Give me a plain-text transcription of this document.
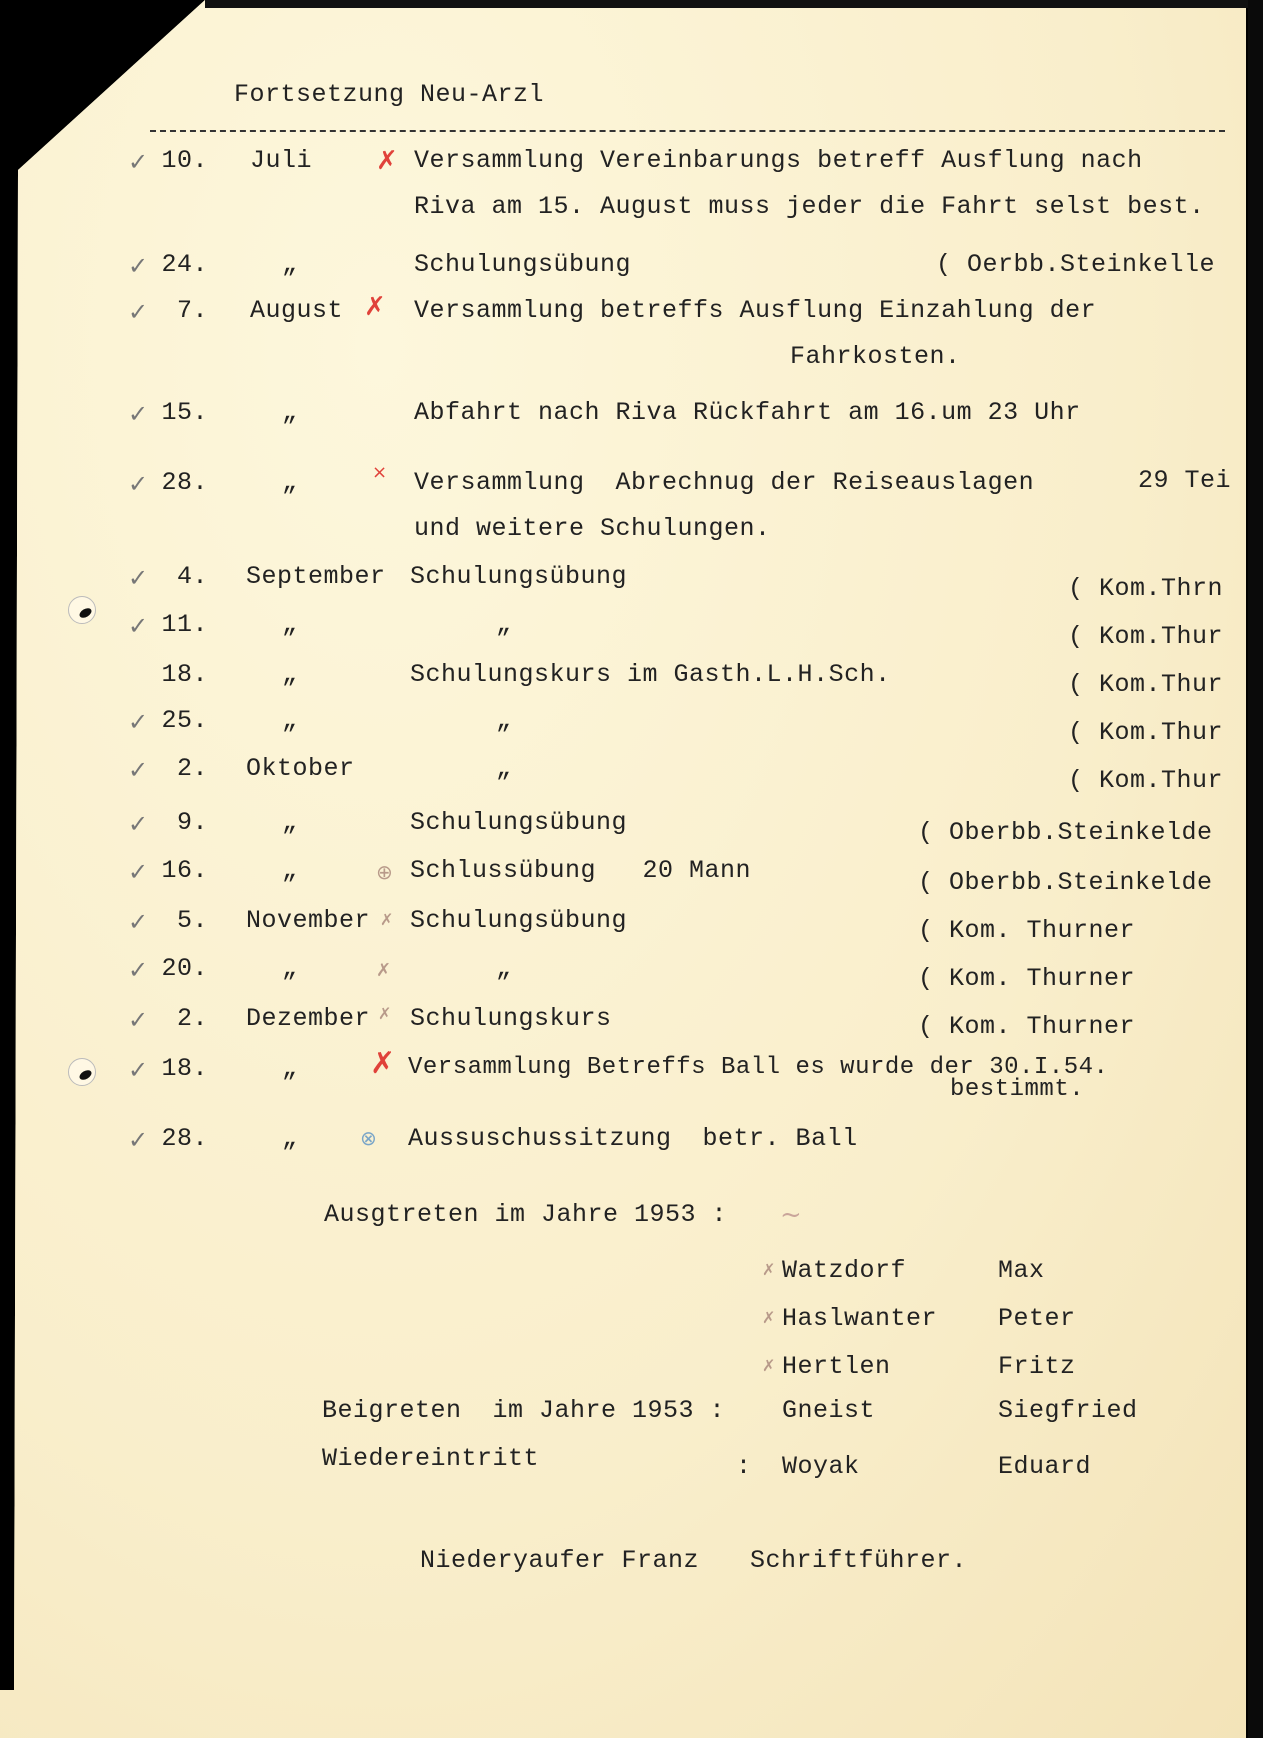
Fortsetzung Neu-Arzl
✓ 10. Juli	Versammlung Vereinbarungs betreff Ausflung nach
Riva am 15. August muss jeder die Fahrt selst best.
✓ 24.	„	Schulungsübung	( Oerbb.Steinkelle
✓	7. August	Versammlung betreffs Ausflung Einzahlung der
Fahrkosten.
✓ 15.	„	Abfahrt nach Riva Rückfahrt am 16.um 23 Uhr
29 Tei
✓ 28.	„	Versammlung  Abrechnug der Reiseauslagen
und weitere Schulungen.
✓	4. September Schulungsübung	( Kom.Thrn
✓ 11.	„	„	( Kom.Thur
18.	„	Schulungskurs im Gasth.L.H.Sch.	( Kom.Thur
✓ 25.	„	„	( Kom.Thur
✓	2. Oktober	„	( Kom.Thur
✓	9.	„	Schulungsübung	( Oberbb.Steinkelde
✓ 16.	„	Schlussübung   20 Mann	( Oberbb.Steinkelde
✓	5. November Schulungsübung	( Kom. Thurner
✓ 20.	„	„	( Kom. Thurner
✓	2. Dezember Schulungskurs	( Kom. Thurner
✓ 18.	„	Versammlung Betreffs Ball es wurde der 30.I.54.
bestimmt.
✓ 28.	„	Aussuschussitzung  betr. Ball
✗
✗
×
⊕
✗
✗
✗
✗
⊗
Ausgtreten im Jahre 1953 : ~
✗ Watzdorf	Max
✗ Haslwanter Peter
✗ Hertlen	Fritz
Beigreten  im Jahre 1953 : Gneist	Siegfried
Wiedereintritt	: Woyak	Eduard
Niederyaufer Franz Schriftführer.
